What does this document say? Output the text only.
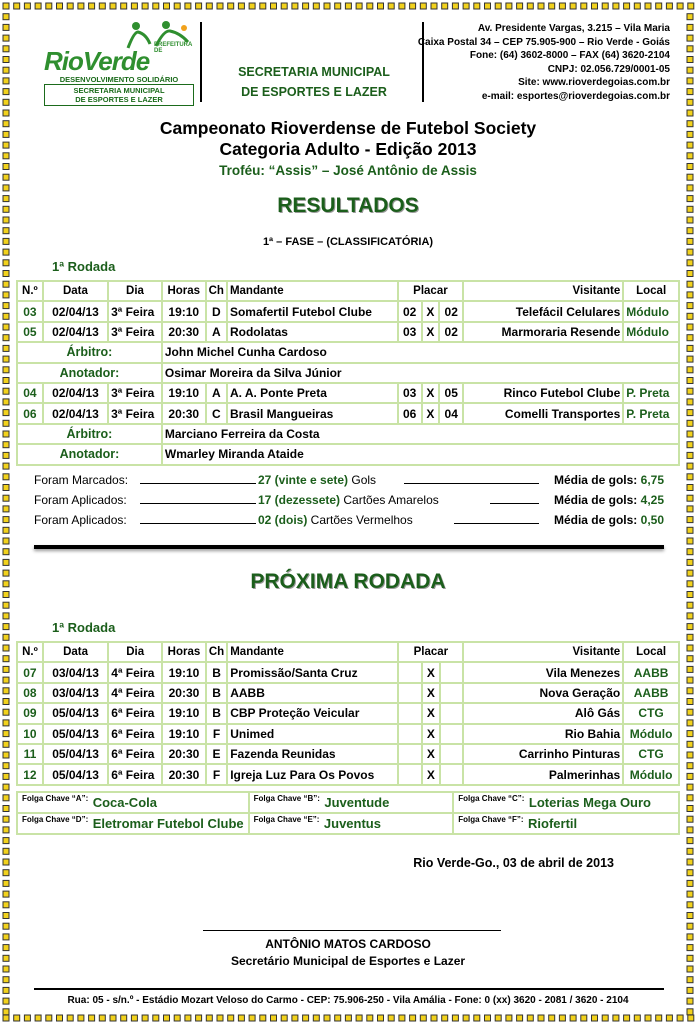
PREFEITURA DE
RioVerde
DESENVOLVIMENTO SOLIDÁRIO
SECRETARIA MUNICIPAL
DE ESPORTES E LAZER
SECRETARIA MUNICIPAL
DE ESPORTES E LAZER
Av. Presidente Vargas, 3.215 – Vila Maria
Caixa Postal 34 – CEP 75.905-900 – Rio Verde - Goiás
Fone: (64) 3602-8000 – FAX (64) 3620-2104
CNPJ: 02.056.729/0001-05
Site: www.rioverdegoias.com.br
e-mail: esportes@rioverdegoias.com.br
Campeonato Rioverdense de Futebol Society
Categoria Adulto - Edição 2013
Troféu: “Assis” – José Antônio de Assis
RESULTADOS
1ª – FASE – (CLASSIFICATÓRIA)
1ª Rodada
N.º	Data	Dia	Horas	Ch	Mandante	Placar			Visitante	Local
03	02/04/13	3ª Feira	19:10	D	Somafertil Futebol Clube	02	X	02	Telefácil Celulares	Módulo
05	02/04/13	3ª Feira	20:30	A	Rodolatas	03	X	02	Marmoraria Resende	Módulo
Árbitro:			John Michel Cunha Cardoso							
Anotador:			Osimar Moreira da Silva Júnior							
04	02/04/13	3ª Feira	19:10	A	A. A. Ponte Preta	03	X	05	Rinco Futebol Clube	P. Preta
06	02/04/13	3ª Feira	20:30	C	Brasil Mangueiras	06	X	04	Comelli Transportes	P. Preta
Árbitro:			Marciano Ferreira da Costa							
Anotador:			Wmarley Miranda Ataide							
Foram Marcados:	27 (vinte e sete) Gols	Média de gols: 6,75
Foram Aplicados:	17 (dezessete) Cartões Amarelos	Média de gols: 4,25
Foram Aplicados:	02 (dois) Cartões Vermelhos	Média de gols: 0,50
PRÓXIMA RODADA
1ª Rodada
N.º	Data	Dia	Horas	Ch	Mandante	Placar			Visitante	Local
07	03/04/13	4ª Feira	19:10	B	Promissão/Santa Cruz		X		Vila Menezes	AABB
08	03/04/13	4ª Feira	20:30	B	AABB		X		Nova Geração	AABB
09	05/04/13	6ª Feira	19:10	B	CBP Proteção Veicular		X		Alô Gás	CTG
10	05/04/13	6ª Feira	19:10	F	Unimed		X		Rio Bahia	Módulo
11	05/04/13	6ª Feira	20:30	E	Fazenda Reunidas		X		Carrinho Pinturas	CTG
12	05/04/13	6ª Feira	20:30	F	Igreja Luz Para Os Povos		X		Palmerinhas	Módulo
$^{Folga Chave “A”:}$ Coca-Cola	$^{Folga Chave “B”:}$ Juventude	$^{Folga Chave “C”:}$ Loterias Mega Ouro
$^{Folga Chave “D”:}$ Eletromar Futebol Clube	$^{Folga Chave “E”:}$ Juventus	$^{Folga Chave “F”:}$ Riofertil
Rio Verde-Go., 03 de abril de 2013
ANTÔNIO MATOS CARDOSO
Secretário Municipal de Esportes e Lazer
Rua: 05 - s/n.º - Estádio Mozart Veloso do Carmo - CEP: 75.906-250 - Vila Amália - Fone: 0 (xx) 3620 - 2081 / 3620 - 2104
